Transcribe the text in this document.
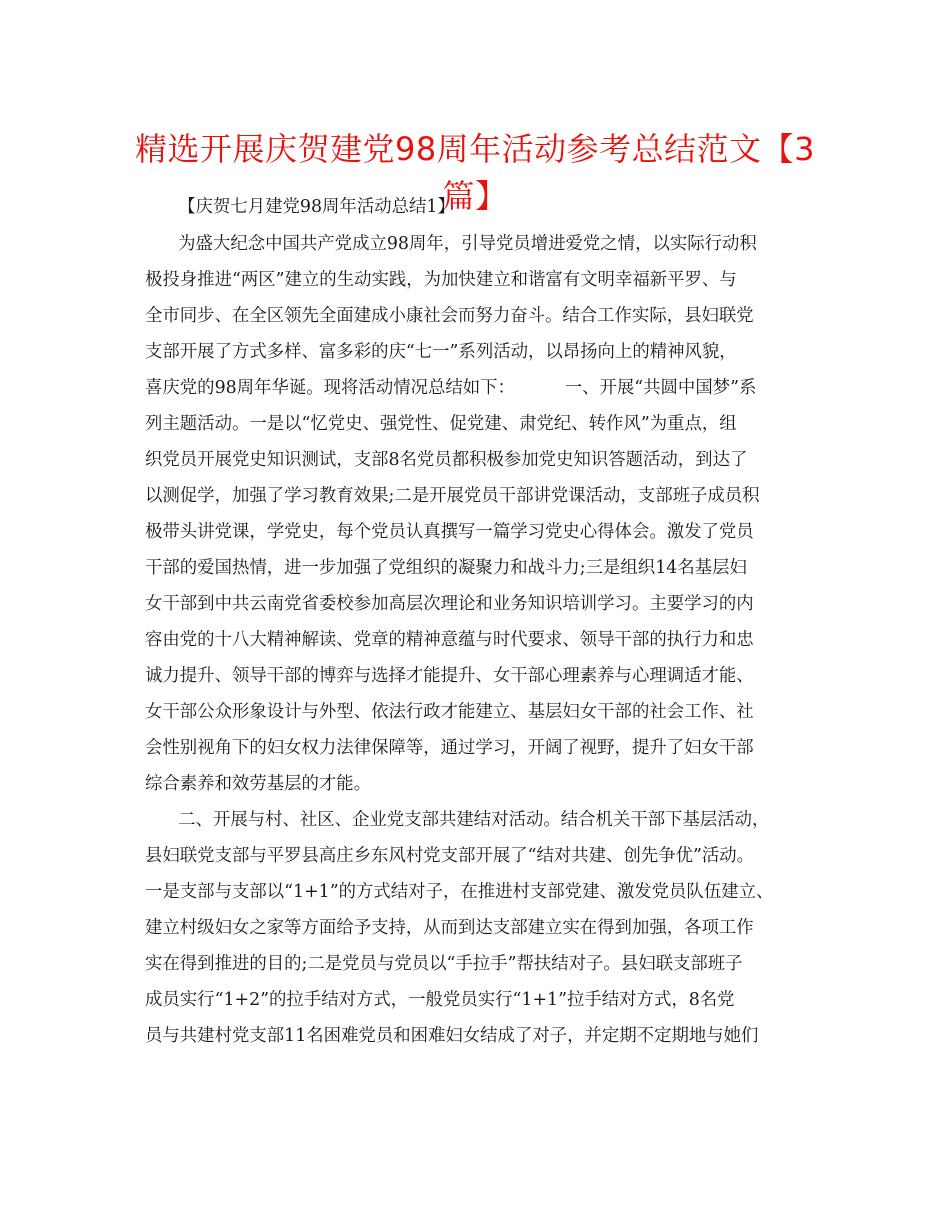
精选开展庆贺建党98周年活动参考总结范文【3篇】

【庆贺七月建党98周年活动总结1】

为盛大纪念中国共产党成立98周年，引导党员增进爱党之情，以实际行动积

极投身推进“两区”建立的生动实践，为加快建立和谐富有文明幸福新平罗、与

全市同步、在全区领先全面建成小康社会而努力奋斗。结合工作实际，县妇联党

支部开展了方式多样、富多彩的庆“七一”系列活动，以昂扬向上的精神风貌，

喜庆党的98周年华诞。现将活动情况总结如下：         一、开展“共圆中国梦”系

列主题活动。一是以“忆党史、强党性、促党建、肃党纪、转作风”为重点，组

织党员开展党史知识测试，支部8名党员都积极参加党史知识答题活动，到达了

以测促学，加强了学习教育效果;二是开展党员干部讲党课活动，支部班子成员积

极带头讲党课，学党史，每个党员认真撰写一篇学习党史心得体会。激发了党员

干部的爱国热情，进一步加强了党组织的凝聚力和战斗力;三是组织14名基层妇

女干部到中共云南党省委校参加高层次理论和业务知识培训学习。主要学习的内

容由党的十八大精神解读、党章的精神意蕴与时代要求、领导干部的执行力和忠

诚力提升、领导干部的博弈与选择才能提升、女干部心理素养与心理调适才能、

女干部公众形象设计与外型、依法行政才能建立、基层妇女干部的社会工作、社

会性别视角下的妇女权力法律保障等，通过学习，开阔了视野，提升了妇女干部

综合素养和效劳基层的才能。

二、开展与村、社区、企业党支部共建结对活动。结合机关干部下基层活动，

县妇联党支部与平罗县高庄乡东风村党支部开展了“结对共建、创先争优”活动。

一是支部与支部以“1+1”的方式结对子，在推进村支部党建、激发党员队伍建立、

建立村级妇女之家等方面给予支持，从而到达支部建立实在得到加强，各项工作

实在得到推进的目的;二是党员与党员以“手拉手”帮扶结对子。县妇联支部班子

成员实行“1+2”的拉手结对方式，一般党员实行“1+1”拉手结对方式，8名党

员与共建村党支部11名困难党员和困难妇女结成了对子，并定期不定期地与她们
